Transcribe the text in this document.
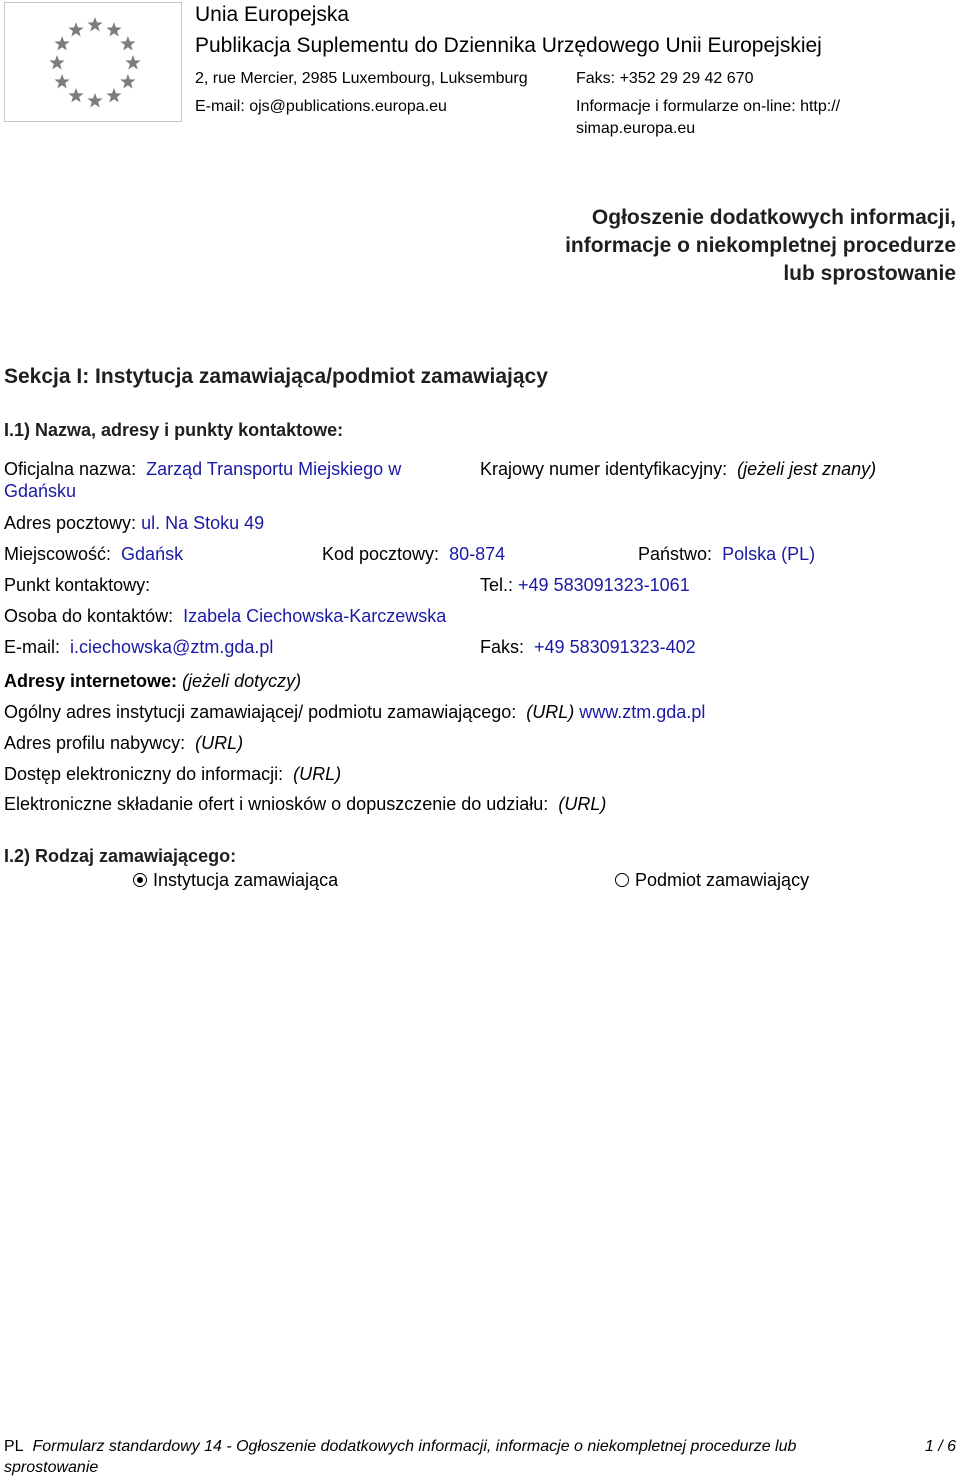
Unia Europejska
Publikacja Suplementu do Dziennika Urzędowego Unii Europejskiej
2, rue Mercier, 2985 Luxembourg, Luksemburg	Faks: +352 29 29 42 670
E-mail: ojs@publications.europa.eu	Informacje i formularze on-line: http://
simap.europa.eu
Ogłoszenie dodatkowych informacji, informacje o niekompletnej procedurze lub sprostowanie
Sekcja I: Instytucja zamawiająca/podmiot zamawiający
I.1) Nazwa, adresy i punkty kontaktowe:
Oficjalna nazwa: Zarząd Transportu Miejskiego w Gdańsku
Krajowy numer identyfikacyjny: (jeżeli jest znany)
Adres pocztowy: ul. Na Stoku 49
Miejscowość: Gdańsk	Kod pocztowy: 80-874	Państwo: Polska (PL)
Punkt kontaktowy:	Tel.: +49 583091323-1061
Osoba do kontaktów: Izabela Ciechowska-Karczewska
E-mail: i.ciechowska@ztm.gda.pl	Faks: +49 583091323-402
Adresy internetowe: (jeżeli dotyczy)
Ogólny adres instytucji zamawiającej/ podmiotu zamawiającego: (URL) www.ztm.gda.pl
Adres profilu nabywcy: (URL)
Dostęp elektroniczny do informacji: (URL)
Elektroniczne składanie ofert i wniosków o dopuszczenie do udziału: (URL)
I.2) Rodzaj zamawiającego:
Instytucja zamawiająca	Podmiot zamawiający
PL Formularz standardowy 14 - Ogłoszenie dodatkowych informacji, informacje o niekompletnej procedurze lub
sprostowanie
1 / 6
